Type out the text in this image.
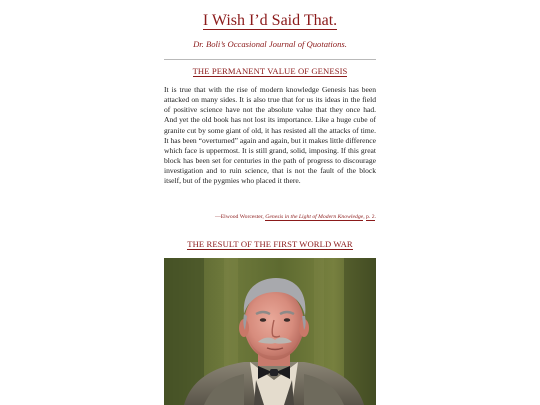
I Wish I’d Said That.
Dr. Boli’s Occasional Journal of Quotations.
THE PERMANENT VALUE OF GENESIS
It is true that with the rise of modern knowledge Genesis has been attacked on many sides. It is also true that for us its ideas in the field of positive science have not the absolute value that they once had. And yet the old book has not lost its importance. Like a huge cube of granite cut by some giant of old, it has resisted all the attacks of time. It has been “overturned” again and again, but it makes little difference which face is uppermost. It is still grand, solid, imposing. If this great block has been set for centuries in the path of progress to discourage investigation and to ruin science, that is not the fault of the block itself, but of the pygmies who placed it there.
—Elwood Worcester, Genesis in the Light of Modern Knowledge, p. 2.
THE RESULT OF THE FIRST WORLD WAR
